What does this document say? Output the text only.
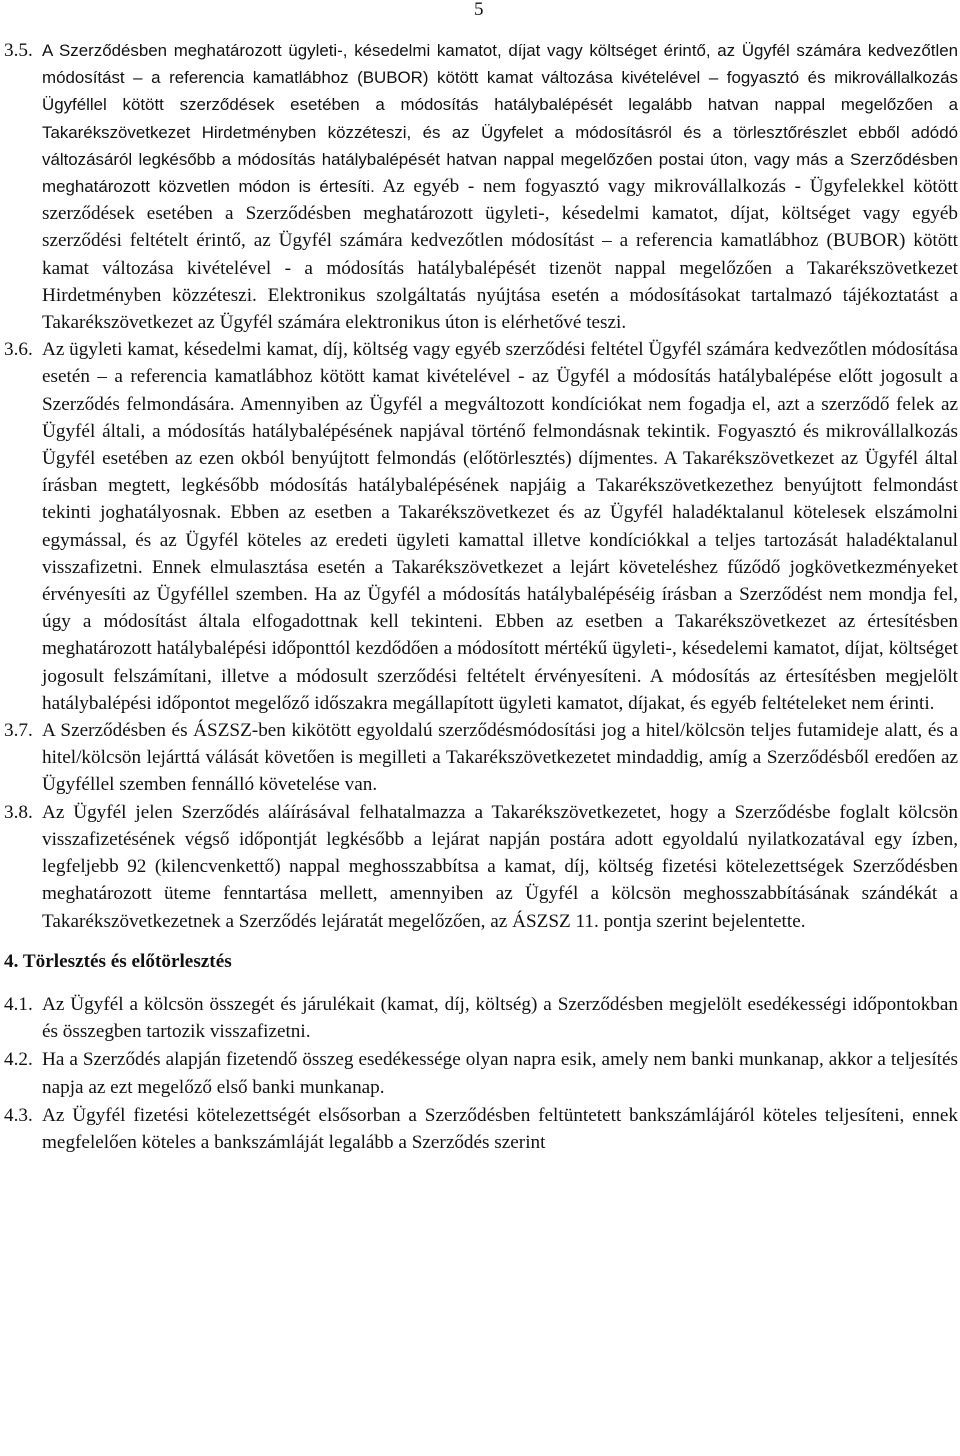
5
3.5. A Szerződésben meghatározott ügyleti-, késedelmi kamatot, díjat vagy költséget érintő, az Ügyfél számára kedvezőtlen módosítást – a referencia kamatlábhoz (BUBOR) kötött kamat változása kivételével – fogyasztó és mikrovállalkozás Ügyféllel kötött szerződések esetében a módosítás hatálybalépését legalább hatvan nappal megelőzően a Takarékszövetkezet Hirdetményben közzéteszi, és az Ügyfelet a módosításról és a törlesztőrészlet ebből adódó változásáról legkésőbb a módosítás hatálybalépését hatvan nappal megelőzően postai úton, vagy más a Szerződésben meghatározott közvetlen módon is értesíti. Az egyéb - nem fogyasztó vagy mikrovállalkozás - Ügyfelekkel kötött szerződések esetében a Szerződésben meghatározott ügyleti-, késedelmi kamatot, díjat, költséget vagy egyéb szerződési feltételt érintő, az Ügyfél számára kedvezőtlen módosítást – a referencia kamatlábhoz (BUBOR) kötött kamat változása kivételével - a módosítás hatálybalépését tizenöt nappal megelőzően a Takarékszövetkezet Hirdetményben közzéteszi. Elektronikus szolgáltatás nyújtása esetén a módosításokat tartalmazó tájékoztatást a Takarékszövetkezet az Ügyfél számára elektronikus úton is elérhetővé teszi.
3.6. Az ügyleti kamat, késedelmi kamat, díj, költség vagy egyéb szerződési feltétel Ügyfél számára kedvezőtlen módosítása esetén – a referencia kamatlábhoz kötött kamat kivételével - az Ügyfél a módosítás hatálybalépése előtt jogosult a Szerződés felmondására. Amennyiben az Ügyfél a megváltozott kondíciókat nem fogadja el, azt a szerződő felek az Ügyfél általi, a módosítás hatálybalépésének napjával történő felmondásnak tekintik. Fogyasztó és mikrovállalkozás Ügyfél esetében az ezen okból benyújtott felmondás (előtörlesztés) díjmentes. A Takarékszövetkezet az Ügyfél által írásban megtett, legkésőbb módosítás hatálybalépésének napjáig a Takarékszövetkezethez benyújtott felmondást tekinti joghatályosnak. Ebben az esetben a Takarékszövetkezet és az Ügyfél haladéktalanul kötelesek elszámolni egymással, és az Ügyfél köteles az eredeti ügyleti kamattal illetve kondíciókkal a teljes tartozását haladéktalanul visszafizetni. Ennek elmulasztása esetén a Takarékszövetkezet a lejárt követeléshez fűződő jogkövetkezményeket érvényesíti az Ügyféllel szemben. Ha az Ügyfél a módosítás hatálybalépéséig írásban a Szerződést nem mondja fel, úgy a módosítást általa elfogadottnak kell tekinteni. Ebben az esetben a Takarékszövetkezet az értesítésben meghatározott hatálybalépési időponttól kezdődően a módosított mértékű ügyleti-, késedelemi kamatot, díjat, költséget jogosult felszámítani, illetve a módosult szerződési feltételt érvényesíteni. A módosítás az értesítésben megjelölt hatálybalépési időpontot megelőző időszakra megállapított ügyleti kamatot, díjakat, és egyéb feltételeket nem érinti.
3.7. A Szerződésben és ÁSZSZ-ben kikötött egyoldalú szerződésmódosítási jog a hitel/kölcsön teljes futamideje alatt, és a hitel/kölcsön lejárttá válását követően is megilleti a Takarékszövetkezetet mindaddig, amíg a Szerződésből eredően az Ügyféllel szemben fennálló követelése van.
3.8. Az Ügyfél jelen Szerződés aláírásával felhatalmazza a Takarékszövetkezetet, hogy a Szerződésbe foglalt kölcsön visszafizetésének végső időpontját legkésőbb a lejárat napján postára adott egyoldalú nyilatkozatával egy ízben, legfeljebb 92 (kilencvenkettő) nappal meghosszabbítsa a kamat, díj, költség fizetési kötelezettségek Szerződésben meghatározott üteme fenntartása mellett, amennyiben az Ügyfél a kölcsön meghosszabbításának szándékát a Takarékszövetkezetnek a Szerződés lejáratát megelőzően, az ÁSZSZ 11. pontja szerint bejelentette.
4. Törlesztés és előtörlesztés
4.1. Az Ügyfél a kölcsön összegét és járulékait (kamat, díj, költség) a Szerződésben megjelölt esedékességi időpontokban és összegben tartozik visszafizetni.
4.2. Ha a Szerződés alapján fizetendő összeg esedékessége olyan napra esik, amely nem banki munkanap, akkor a teljesítés napja az ezt megelőző első banki munkanap.
4.3. Az Ügyfél fizetési kötelezettségét elsősorban a Szerződésben feltüntetett bankszámlájáról köteles teljesíteni, ennek megfelelően köteles a bankszámláját legalább a Szerződés szerint
